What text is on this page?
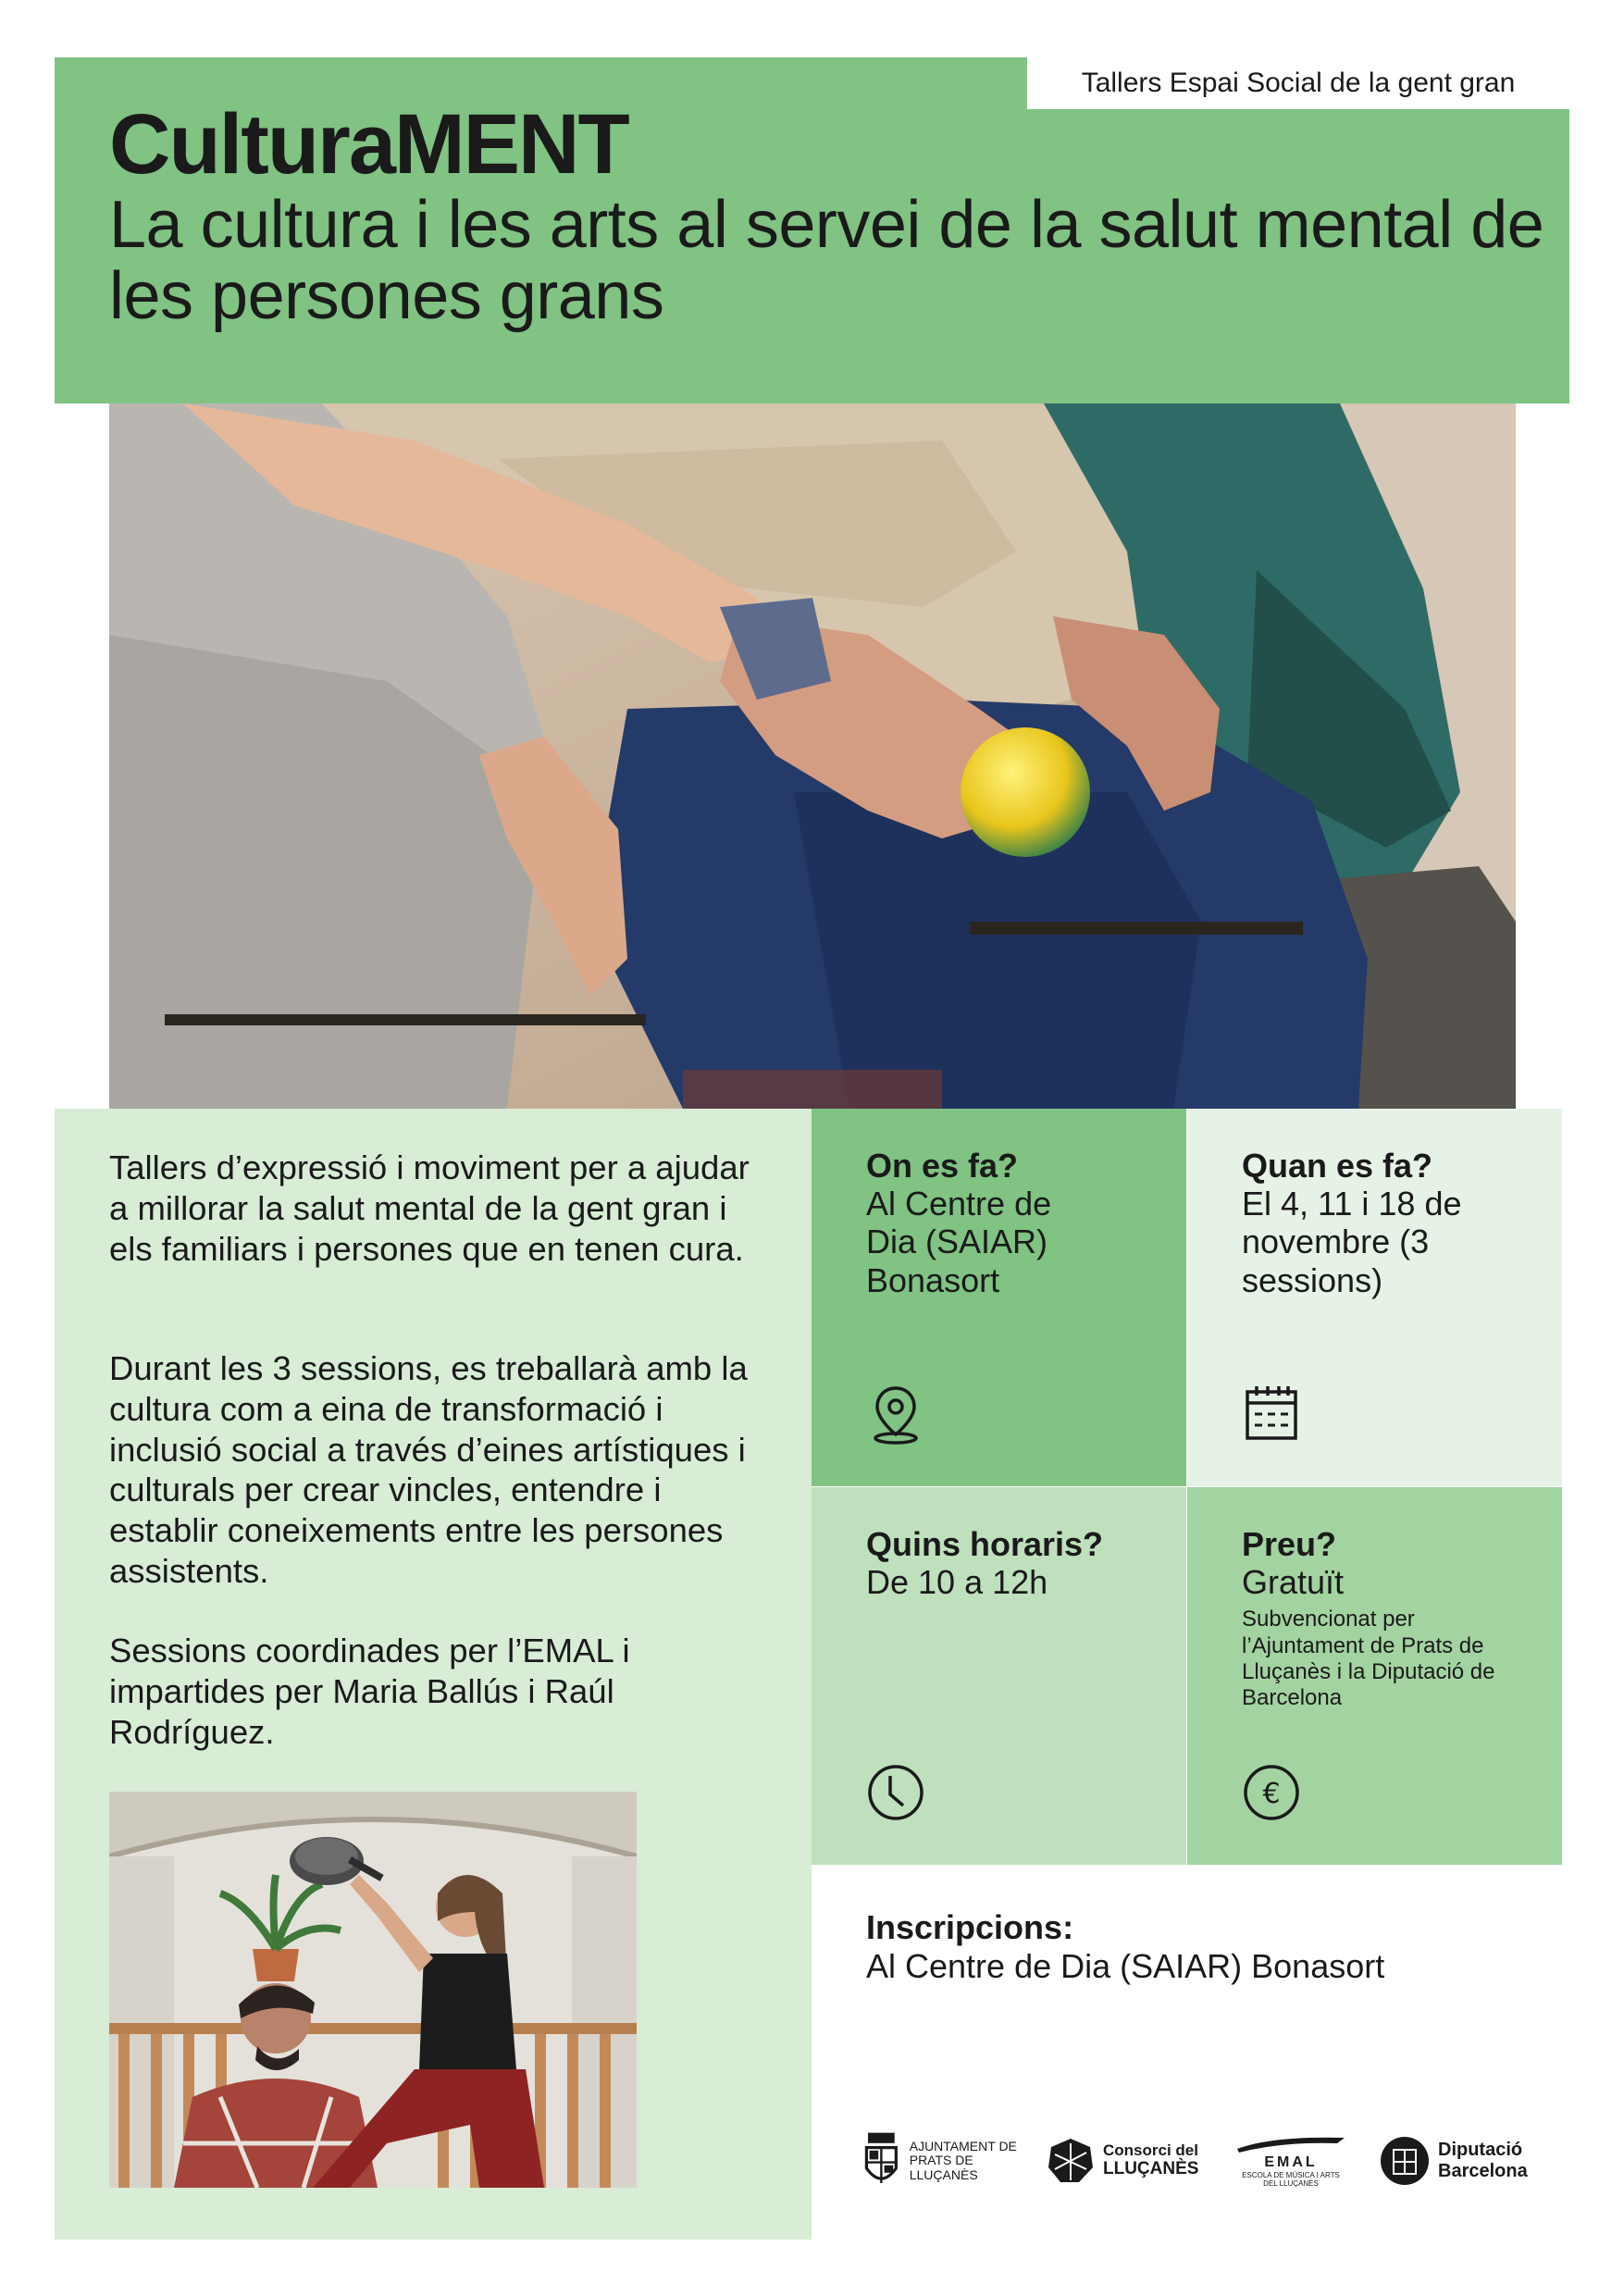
Tallers Espai Social de la gent gran
CulturaMENT
La cultura i les arts al servei de la salut mental de les persones grans

Tallers d’expressió i moviment per a ajudar a millorar la salut mental de la gent gran i els familiars i persones que en tenen cura.

Durant les 3 sessions, es treballarà amb la cultura com a eina de transformació i inclusió social a través d’eines artístiques i culturals per crear vincles, entendre i establir coneixements entre les persones assistents.

Sessions coordinades per l’EMAL i impartides per Maria Ballús i Raúl Rodríguez.

On es fa?

Al Centre de Dia (SAIAR) Bonasort

Quan es fa?

El 4, 11 i 18 de novembre (3 sessions)

Quins horaris?

De 10 a 12h

Preu?

Gratuït

Subvencionat per l’Ajuntament de Prats de Lluçanès i la Diputació de Barcelona

€
Inscripcions:

Al Centre de Dia (SAIAR) Bonasort

AJUNTAMENT DE
PRATS DE LLUÇANÈS
Consorci del
LLUÇANÈS	EMAL
ESCOLA DE MÚSICA I ARTS
DEL LLUÇANÈS
Diputació
Barcelona
